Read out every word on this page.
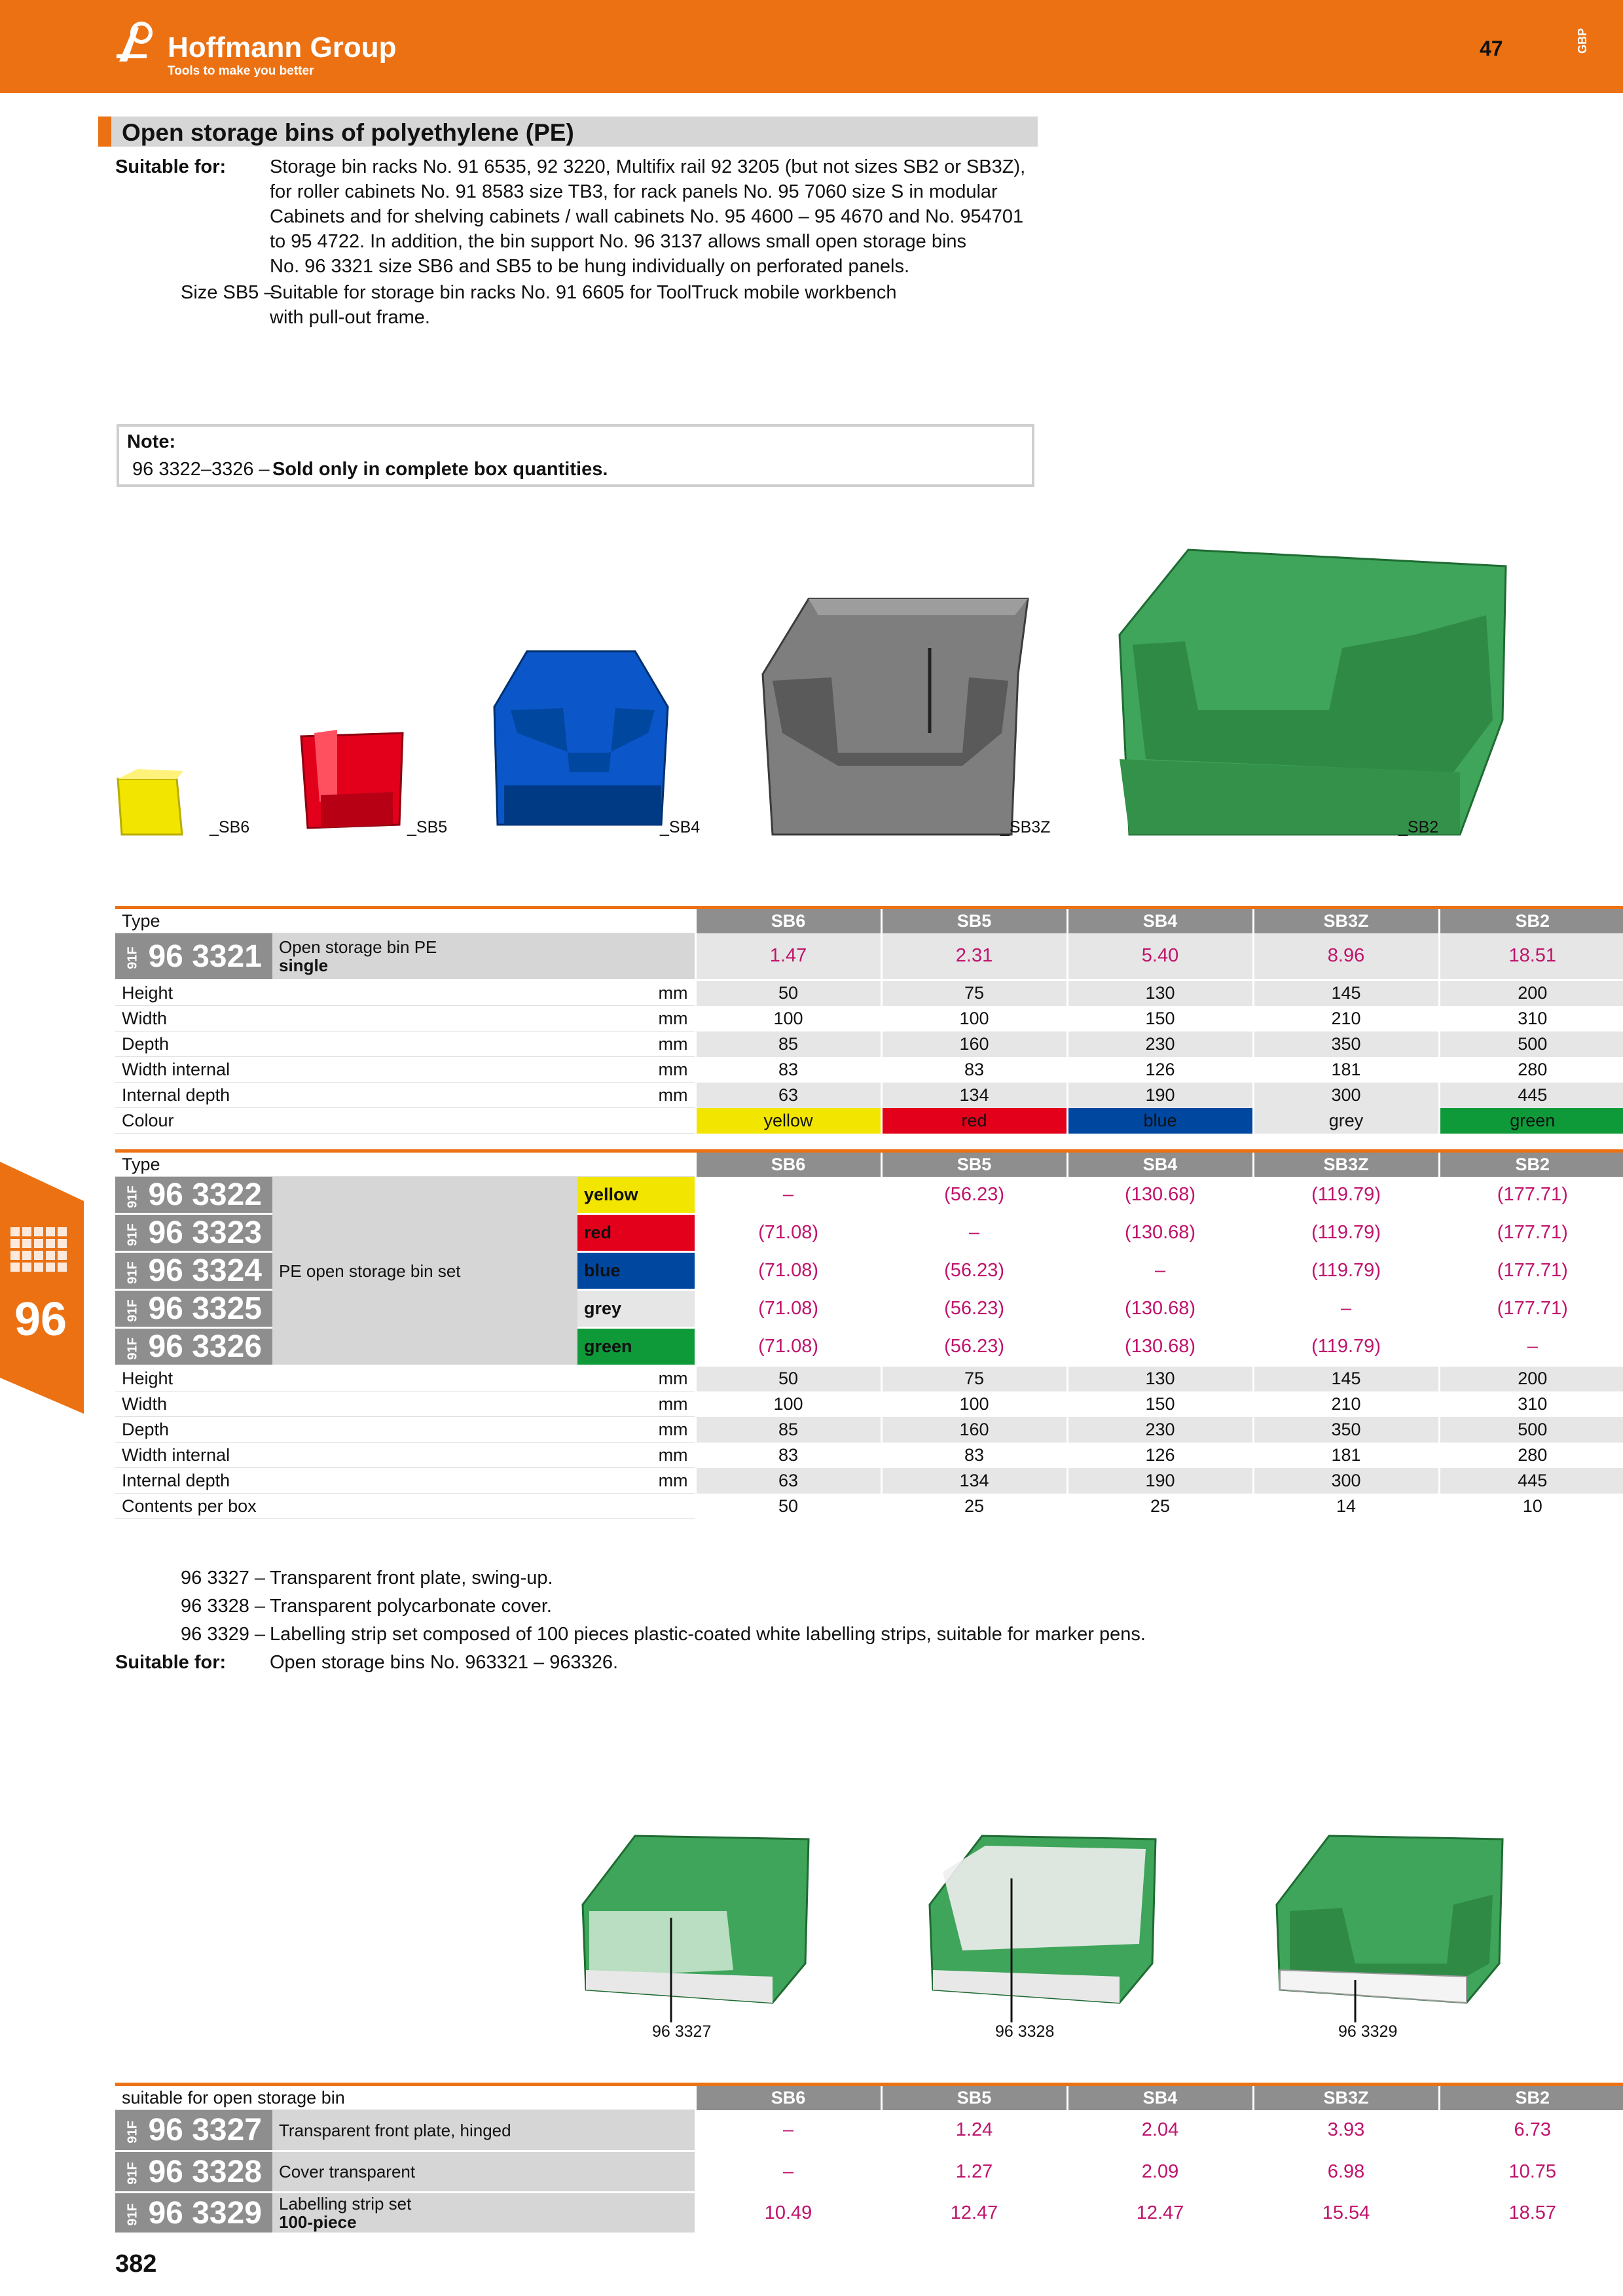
Hoffmann Group
Tools to make you better
47	GBP
Open storage bins of polyethylene (PE)
Suitable for: Storage bin racks No. 91 6535, 92 3220, Multifix rail 92 3205 (but not sizes SB2 or SB3Z),
for roller cabinets No. 91 8583 size TB3, for rack panels No. 95 7060 size S in modular
Cabinets and for shelving cabinets / wall cabinets No. 95 4600 – 95 4670 and No. 954701
to 95 4722. In addition, the bin support No. 96 3137 allows small open storage bins
No. 96 3321 size SB6 and SB5 to be hung individually on perforated panels.
Size SB5 –
Suitable for storage bin racks No. 91 6605 for ToolTruck mobile workbench
with pull-out frame.
Note:
96 3322–3326 – Sold only in complete box quantities.
_SB6	_SB5	_SB4	_SB3Z	_SB2
96
Type			SB6	SB5	SB4	SB3Z	SB2
91F 96 3321	Open storage bin PE
single		1.47	2.31	5.40	8.96	18.51
Height		mm	50	75	130	145	200
Width		mm	100	100	150	210	310
Depth		mm	85	160	230	350	500
Width internal		mm	83	83	126	181	280
Internal depth		mm	63	134	190	300	445
Colour			yellow	red	blue	grey	green
Type			SB6	SB5	SB4	SB3Z	SB2
91F 96 3322	PE open storage bin set	yellow	–	(56.23)	(130.68)	(119.79)	(177.71)
91F 96 3323		red	(71.08)	–	(130.68)	(119.79)	(177.71)
91F 96 3324		blue	(71.08)	(56.23)	–	(119.79)	(177.71)
91F 96 3325		grey	(71.08)	(56.23)	(130.68)	–	(177.71)
91F 96 3326		green	(71.08)	(56.23)	(130.68)	(119.79)	–
Height		mm	50	75	130	145	200
Width		mm	100	100	150	210	310
Depth		mm	85	160	230	350	500
Width internal		mm	83	83	126	181	280
Internal depth		mm	63	134	190	300	445
Contents per box			50	25	25	14	10
96 3327 – Transparent front plate, swing-up.
96 3328 – Transparent polycarbonate cover.
96 3329 – Labelling strip set composed of 100 pieces plastic-coated white labelling strips, suitable for marker pens.
Suitable for: Open storage bins No. 963321 – 963326.
96 3327	96 3328	96 3329
suitable for open storage bin		SB6	SB5	SB4	SB3Z	SB2
91F 96 3327	Transparent front plate, hinged	–	1.24	2.04	3.93	6.73
91F 96 3328	Cover transparent	–	1.27	2.09	6.98	10.75
91F 96 3329	Labelling strip set
100-piece	10.49	12.47	12.47	15.54	18.57
382
